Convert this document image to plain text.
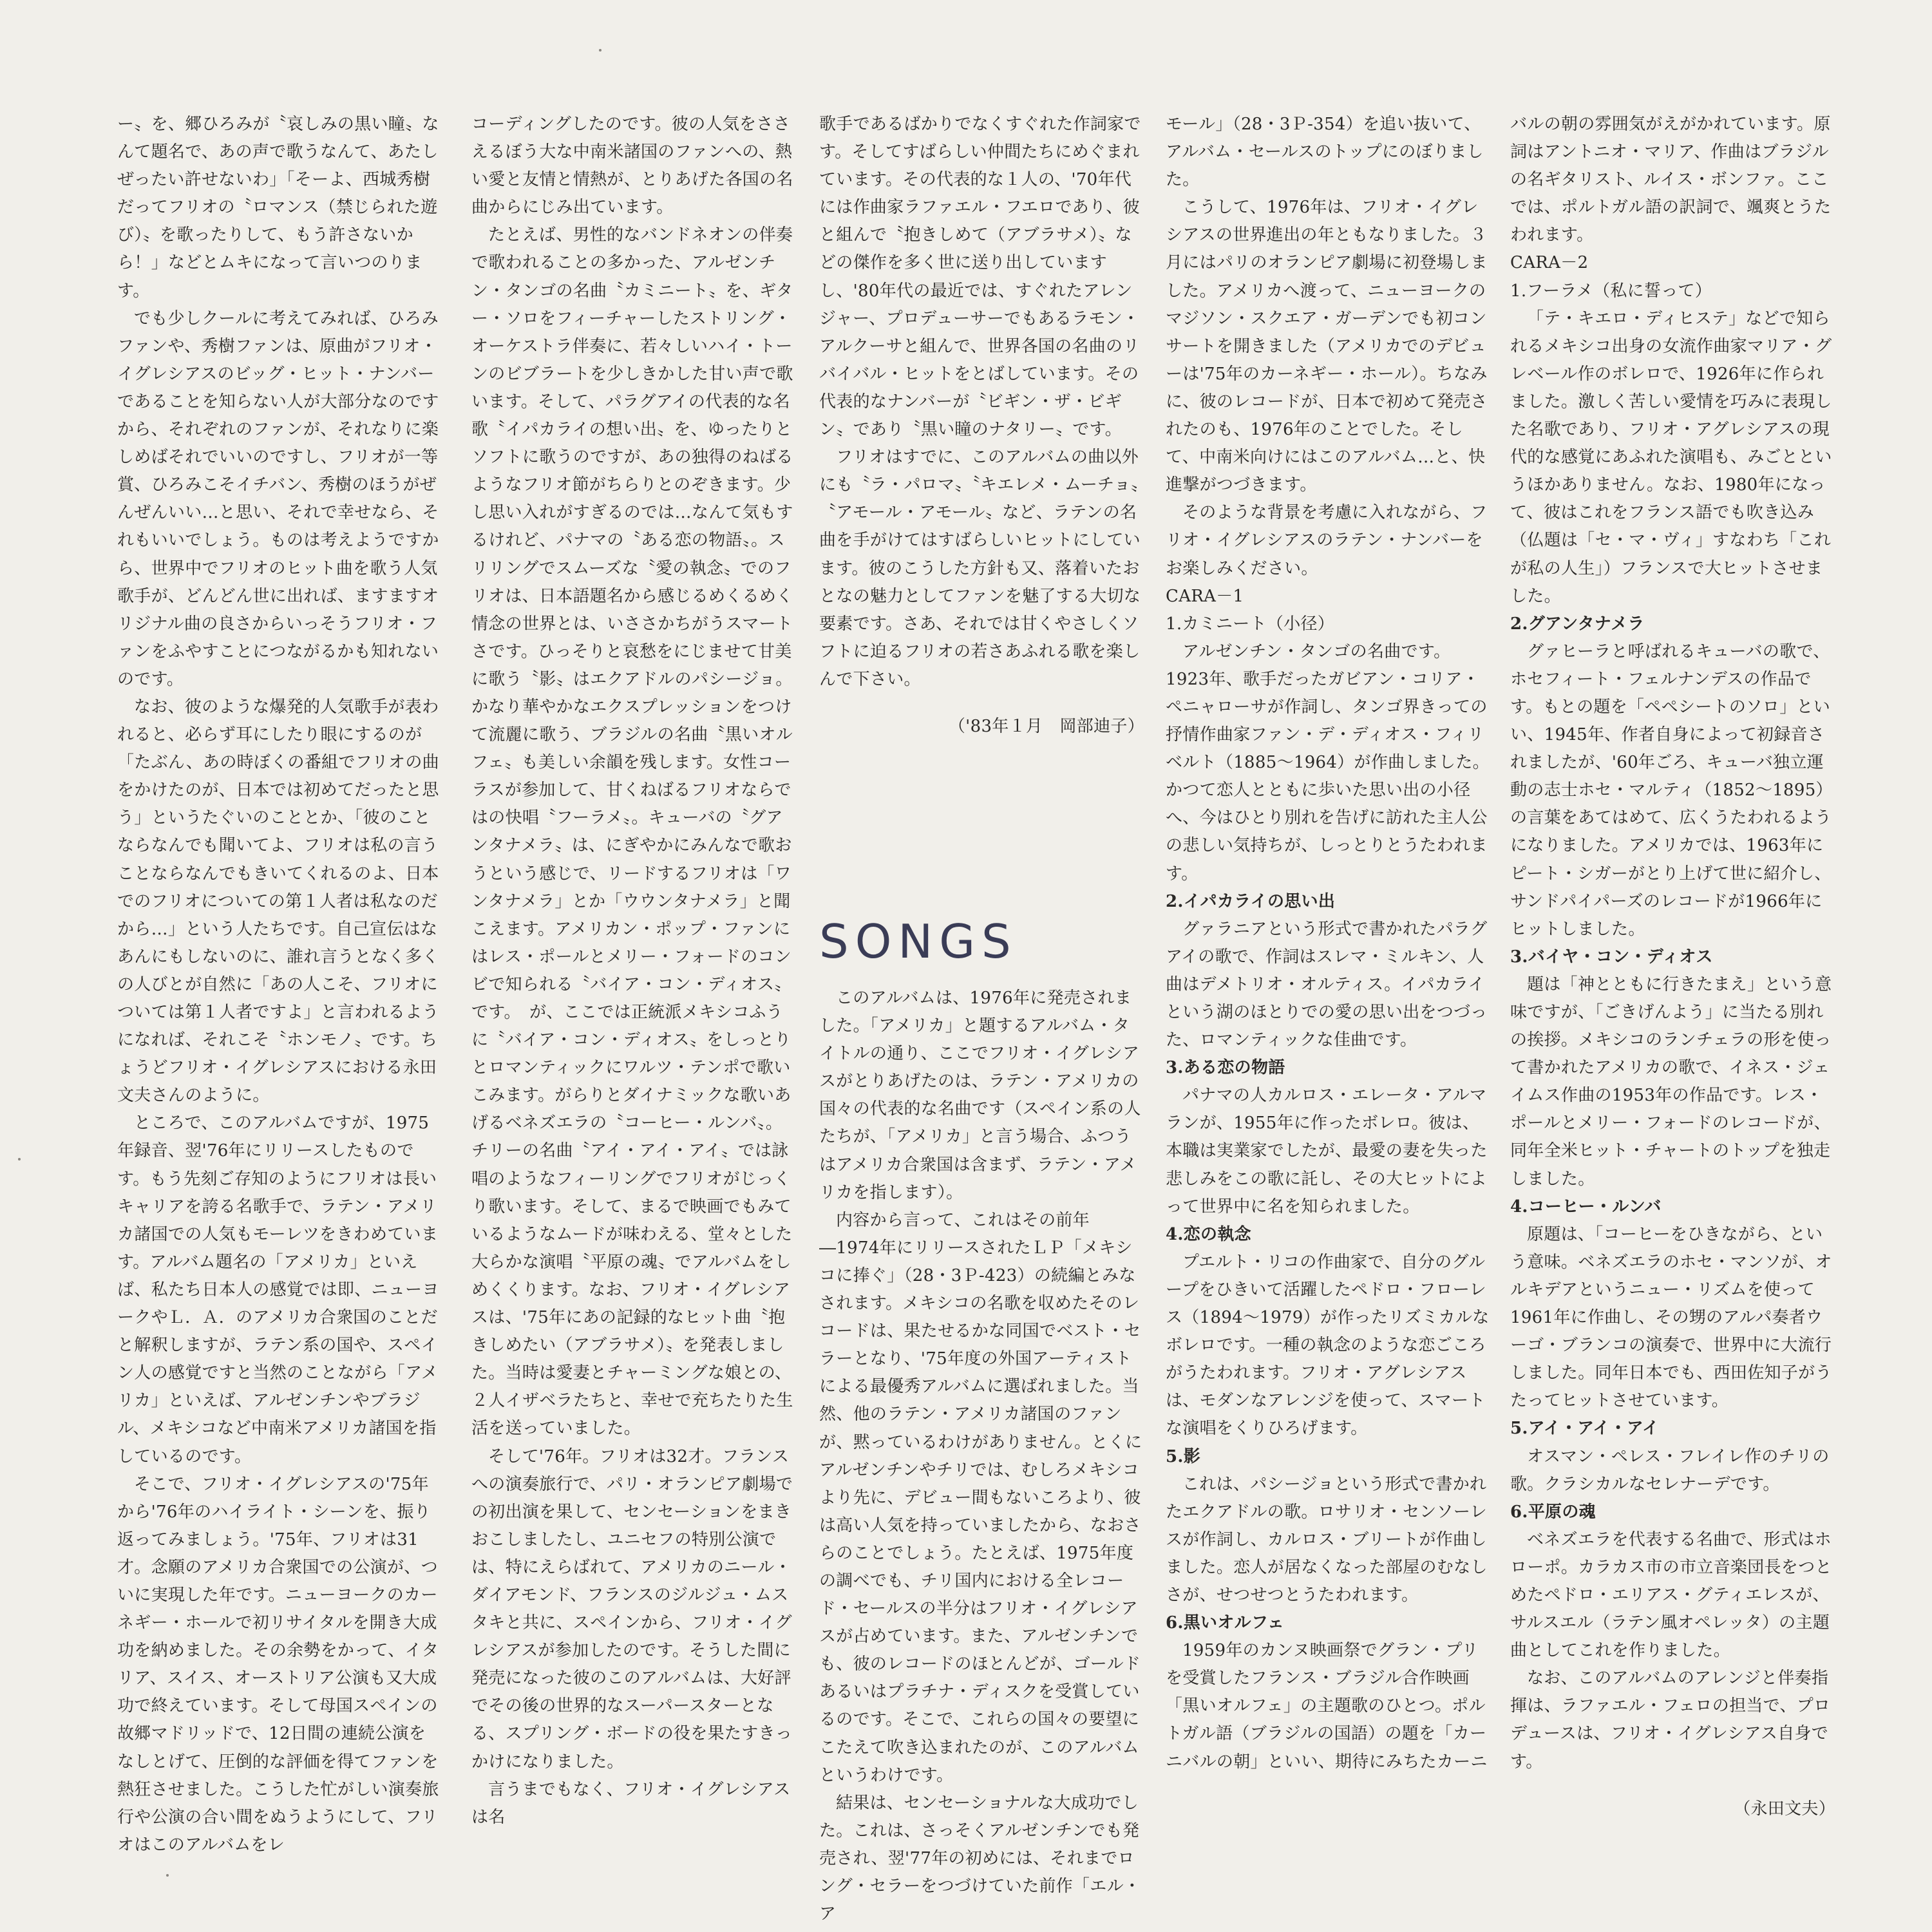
ー〟を、郷ひろみが〝哀しみの黒い瞳〟なんて題名で、あの声で歌うなんて、あたしぜったい許せないわ」「そーよ、西城秀樹だってフリオの〝ロマンス（禁じられた遊び）〟を歌ったりして、もう許さないから！」などとムキになって言いつのります。

でも少しクールに考えてみれば、ひろみファンや、秀樹ファンは、原曲がフリオ・イグレシアスのビッグ・ヒット・ナンバーであることを知らない人が大部分なのですから、それぞれのファンが、それなりに楽しめばそれでいいのですし、フリオが一等賞、ひろみこそイチバン、秀樹のほうがぜんぜんいい…と思い、それで幸せなら、それもいいでしょう。ものは考えようですから、世界中でフリオのヒット曲を歌う人気歌手が、どんどん世に出れば、ますますオリジナル曲の良さからいっそうフリオ・ファンをふやすことにつながるかも知れないのです。

なお、彼のような爆発的人気歌手が表われると、必らず耳にしたり眼にするのが「たぶん、あの時ぼくの番組でフリオの曲をかけたのが、日本では初めてだったと思う」というたぐいのこととか、「彼のことならなんでも聞いてよ、フリオは私の言うことならなんでもきいてくれるのよ、日本でのフリオについての第１人者は私なのだから…」という人たちです。自己宣伝はなあんにもしないのに、誰れ言うとなく多くの人びとが自然に「あの人こそ、フリオについては第１人者ですよ」と言われるようになれば、それこそ〝ホンモノ〟です。ちょうどフリオ・イグレシアスにおける永田文夫さんのように。

ところで、このアルバムですが、1975年録音、翌'76年にリリースしたものです。もう先刻ご存知のようにフリオは長いキャリアを誇る名歌手で、ラテン・アメリカ諸国での人気もモーレツをきわめています。アルバム題名の「アメリカ」といえば、私たち日本人の感覚では即、ニューヨークやＬ．Ａ．のアメリカ合衆国のことだと解釈しますが、ラテン系の国や、スペイン人の感覚ですと当然のことながら「アメリカ」といえば、アルゼンチンやブラジル、メキシコなど中南米アメリカ諸国を指しているのです。

そこで、フリオ・イグレシアスの'75年から'76年のハイライト・シーンを、振り返ってみましょう。'75年、フリオは31才。念願のアメリカ合衆国での公演が、ついに実現した年です。ニューヨークのカーネギー・ホールで初リサイタルを開き大成功を納めました。その余勢をかって、イタリア、スイス、オーストリア公演も又大成功で終えています。そして母国スペインの故郷マドリッドで、12日間の連続公演をなしとげて、圧倒的な評価を得てファンを熱狂させました。こうした忙がしい演奏旅行や公演の合い間をぬうようにして、フリオはこのアルバムをレ

コーディングしたのです。彼の人気をささえるぼう大な中南米諸国のファンへの、熱い愛と友情と情熱が、とりあげた各国の名曲からにじみ出ています。

たとえば、男性的なバンドネオンの伴奏で歌われることの多かった、アルゼンチン・タンゴの名曲〝カミニート〟を、ギター・ソロをフィーチャーしたストリング・オーケストラ伴奏に、若々しいハイ・トーンのビブラートを少しきかした甘い声で歌います。そして、パラグアイの代表的な名歌〝イパカライの想い出〟を、ゆったりとソフトに歌うのですが、あの独得のねばるようなフリオ節がちらりとのぞきます。少し思い入れがすぎるのでは…なんて気もするけれど、パナマの〝ある恋の物語〟。スリリングでスムーズな〝愛の執念〟でのフリオは、日本語題名から感じるめくるめく情念の世界とは、いささかちがうスマートさです。ひっそりと哀愁をにじませて甘美に歌う〝影〟はエクアドルのパシージョ。かなり華やかなエクスプレッションをつけて流麗に歌う、ブラジルの名曲〝黒いオルフェ〟も美しい余韻を残します。女性コーラスが参加して、甘くねばるフリオならではの快唱〝フーラメ〟。キューバの〝グアンタナメラ〟は、にぎやかにみんなで歌おうという感じで、リードするフリオは「ワンタナメラ」とか「ウウンタナメラ」と聞こえます。アメリカン・ポップ・ファンにはレス・ポールとメリー・フォードのコンビで知られる〝バイア・コン・ディオス〟です。　が、ここでは正統派メキシコふうに〝バイア・コン・ディオス〟をしっとりとロマンティックにワルツ・テンポで歌いこみます。がらりとダイナミックな歌いあげるベネズエラの〝コーヒー・ルンバ〟。チリーの名曲〝アイ・アイ・アイ〟では詠唱のようなフィーリングでフリオがじっくり歌います。そして、まるで映画でもみているようなムードが味わえる、堂々とした大らかな演唱〝平原の魂〟でアルバムをしめくくります。なお、フリオ・イグレシアスは、'75年にあの記録的なヒット曲〝抱きしめたい（アブラサメ）〟を発表しました。当時は愛妻とチャーミングな娘との、２人イザベラたちと、幸せで充ちたりた生活を送っていました。

そして'76年。フリオは32才。フランスへの演奏旅行で、パリ・オランピア劇場での初出演を果して、センセーションをまきおこしましたし、ユニセフの特別公演では、特にえらばれて、アメリカのニール・ダイアモンド、フランスのジルジュ・ムスタキと共に、スペインから、フリオ・イグレシアスが参加したのです。そうした間に発売になった彼のこのアルバムは、大好評でその後の世界的なスーパースターとなる、スプリング・ボードの役を果たすきっかけになりました。

言うまでもなく、フリオ・イグレシアスは名

歌手であるばかりでなくすぐれた作詞家です。そしてすばらしい仲間たちにめぐまれています。その代表的な１人の、'70年代には作曲家ラファエル・フエロであり、彼と組んで〝抱きしめて（アブラサメ）〟などの傑作を多く世に送り出していますし、'80年代の最近では、すぐれたアレンジャー、プロデューサーでもあるラモン・アルクーサと組んで、世界各国の名曲のリバイバル・ヒットをとばしています。その代表的なナンバーが〝ビギン・ザ・ビギン〟であり〝黒い瞳のナタリー〟です。

フリオはすでに、このアルバムの曲以外にも〝ラ・パロマ〟〝キエレメ・ムーチョ〟〝アモール・アモール〟など、ラテンの名曲を手がけてはすばらしいヒットにしています。彼のこうした方針も又、落着いたおとなの魅力としてファンを魅了する大切な要素です。さあ、それでは甘くやさしくソフトに迫るフリオの若さあふれる歌を楽しんで下さい。

（'83年１月　岡部迪子）

SONGS

このアルバムは、1976年に発売されました。「アメリカ」と題するアルバム・タイトルの通り、ここでフリオ・イグレシアスがとりあげたのは、ラテン・アメリカの国々の代表的な名曲です（スペイン系の人たちが、「アメリカ」と言う場合、ふつうはアメリカ合衆国は含まず、ラテン・アメリカを指します）。

内容から言って、これはその前年―1974年にリリースされたＬＰ「メキシコに捧ぐ」（28・3Ｐ-423）の続編とみなされます。メキシコの名歌を収めたそのレコードは、果たせるかな同国でベスト・セラーとなり、'75年度の外国アーティストによる最優秀アルバムに選ばれました。当然、他のラテン・アメリカ諸国のファンが、黙っているわけがありません。とくにアルゼンチンやチリでは、むしろメキシコより先に、デビュー間もないころより、彼は高い人気を持っていましたから、なおさらのことでしょう。たとえば、1975年度の調べでも、チリ国内における全レコード・セールスの半分はフリオ・イグレシアスが占めています。また、アルゼンチンでも、彼のレコードのほとんどが、ゴールドあるいはプラチナ・ディスクを受賞しているのです。そこで、これらの国々の要望にこたえて吹き込まれたのが、このアルバムというわけです。

結果は、センセーショナルな大成功でした。これは、さっそくアルゼンチンでも発売され、翌'77年の初めには、それまでロング・セラーをつづけていた前作「エル・ア

モール」（28・3Ｐ-354）を追い抜いて、アルバム・セールスのトップにのぼりました。

こうして、1976年は、フリオ・イグレシアスの世界進出の年ともなりました。３月にはパリのオランピア劇場に初登場しました。アメリカへ渡って、ニューヨークのマジソン・スクエア・ガーデンでも初コンサートを開きました（アメリカでのデビューは'75年のカーネギー・ホール）。ちなみに、彼のレコードが、日本で初めて発売されたのも、1976年のことでした。そして、中南米向けにはこのアルバム…と、快進撃がつづきます。

そのような背景を考慮に入れながら、フリオ・イグレシアスのラテン・ナンバーをお楽しみください。

CARA－1

1.カミニート（小径）

アルゼンチン・タンゴの名曲です。1923年、歌手だったガビアン・コリア・ペニャローサが作詞し、タンゴ界きっての抒情作曲家ファン・デ・ディオス・フィリベルト（1885～1964）が作曲しました。かつて恋人とともに歩いた思い出の小径へ、今はひとり別れを告げに訪れた主人公の悲しい気持ちが、しっとりとうたわれます。

2.イパカライの思い出

グァラニアという形式で書かれたパラグアイの歌で、作詞はスレマ・ミルキン、人曲はデメトリオ・オルティス。イパカライという湖のほとりでの愛の思い出をつづった、ロマンティックな佳曲です。

3.ある恋の物語

パナマの人カルロス・エレータ・アルマランが、1955年に作ったボレロ。彼は、本職は実業家でしたが、最愛の妻を失った悲しみをこの歌に託し、その大ヒットによって世界中に名を知られました。

4.恋の執念

プエルト・リコの作曲家で、自分のグループをひきいて活躍したペドロ・フローレス（1894～1979）が作ったリズミカルなボレロです。一種の執念のような恋ごころがうたわれます。フリオ・アグレシアスは、モダンなアレンジを使って、スマートな演唱をくりひろげます。

5.影

これは、パシージョという形式で書かれたエクアドルの歌。ロサリオ・センソーレスが作詞し、カルロス・ブリートが作曲しました。恋人が居なくなった部屋のむなしさが、せつせつとうたわれます。

6.黒いオルフェ

1959年のカンヌ映画祭でグラン・プリを受賞したフランス・ブラジル合作映画「黒いオルフェ」の主題歌のひとつ。ポルトガル語（ブラジルの国語）の題を「カーニバルの朝」といい、期待にみちたカーニ

バルの朝の雰囲気がえがかれています。原詞はアントニオ・マリア、作曲はブラジルの名ギタリスト、ルイス・ボンファ。ここでは、ポルトガル語の訳詞で、颯爽とうたわれます。

CARA－2

1.フーラメ（私に誓って）

「テ・キエロ・ディヒステ」などで知られるメキシコ出身の女流作曲家マリア・グレベール作のボレロで、1926年に作られました。激しく苦しい愛情を巧みに表現した名歌であり、フリオ・アグレシアスの現代的な感覚にあふれた演唱も、みごとというほかありません。なお、1980年になって、彼はこれをフランス語でも吹き込み（仏題は「セ・マ・ヴィ」すなわち「これが私の人生」）フランスで大ヒットさせました。

2.グアンタナメラ

グァヒーラと呼ばれるキューバの歌で、ホセフィート・フェルナンデスの作品です。もとの題を「ペペシートのソロ」といい、1945年、作者自身によって初録音されましたが、'60年ごろ、キューバ独立運動の志士ホセ・マルティ（1852～1895）の言葉をあてはめて、広くうたわれるようになりました。アメリカでは、1963年にピート・シガーがとり上げて世に紹介し、サンドパイパーズのレコードが1966年にヒットしました。

3.バイヤ・コン・ディオス

題は「神とともに行きたまえ」という意味ですが、「ごきげんよう」に当たる別れの挨拶。メキシコのランチェラの形を使って書かれたアメリカの歌で、イネス・ジェイムス作曲の1953年の作品です。レス・ポールとメリー・フォードのレコードが、同年全米ヒット・チャートのトップを独走しました。

4.コーヒー・ルンバ

原題は、「コーヒーをひきながら、という意味。ベネズエラのホセ・マンソが、オルキデアというニュー・リズムを使って1961年に作曲し、その甥のアルパ奏者ウーゴ・ブランコの演奏で、世界中に大流行しました。同年日本でも、西田佐知子がうたってヒットさせています。

5.アイ・アイ・アイ

オスマン・ペレス・フレイレ作のチリの歌。クラシカルなセレナーデです。

6.平原の魂

ベネズエラを代表する名曲で、形式はホローポ。カラカス市の市立音楽団長をつとめたペドロ・エリアス・グティエレスが、サルスエル（ラテン風オペレッタ）の主題曲としてこれを作りました。

なお、このアルバムのアレンジと伴奏指揮は、ラファエル・フェロの担当で、プロデュースは、フリオ・イグレシアス自身です。

（永田文夫）
